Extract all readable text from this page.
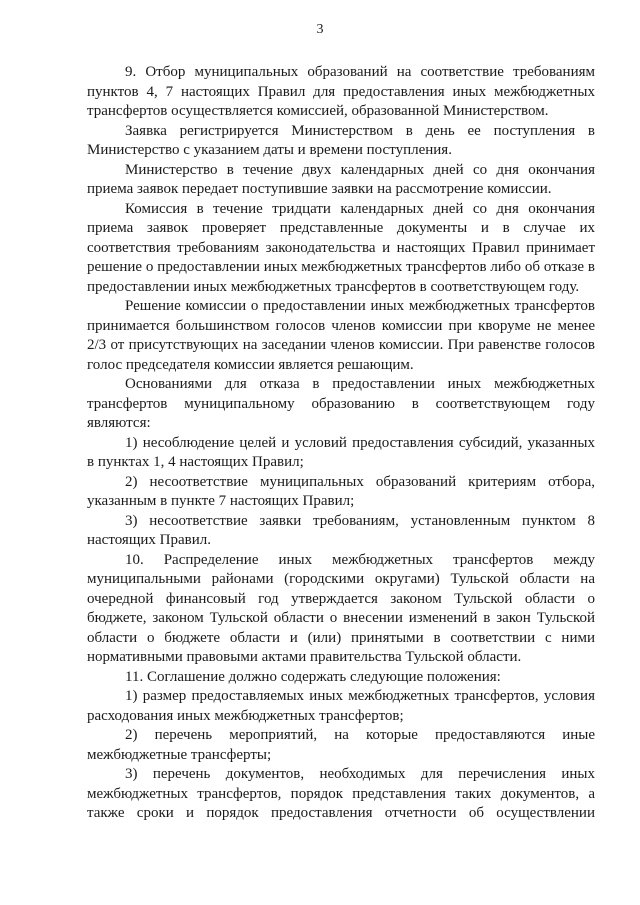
3

9. Отбор муниципальных образований на соответствие требованиям пунктов 4, 7 настоящих Правил для предоставления иных межбюджетных трансфертов осуществляется комиссией, образованной Министерством.

Заявка регистрируется Министерством в день ее поступления в Министерство с указанием даты и времени поступления.

Министерство в течение двух календарных дней со дня окончания приема заявок передает поступившие заявки на рассмотрение комиссии.

Комиссия в течение тридцати календарных дней со дня окончания приема заявок проверяет представленные документы и в случае их соответствия требованиям законодательства и настоящих Правил принимает решение о предоставлении иных межбюджетных трансфертов либо об отказе в предоставлении иных межбюджетных трансфертов в соответствующем году.

Решение комиссии о предоставлении иных межбюджетных трансфертов принимается большинством голосов членов комиссии при кворуме не менее 2/3 от присутствующих на заседании членов комиссии. При равенстве голосов голос председателя комиссии является решающим.

Основаниями для отказа в предоставлении иных межбюджетных трансфертов муниципальному образованию в соответствующем году являются:

1) несоблюдение целей и условий предоставления субсидий, указанных в пунктах 1, 4 настоящих Правил;

2) несоответствие муниципальных образований критериям отбора, указанным в пункте 7 настоящих Правил;

3) несоответствие заявки требованиям, установленным пунктом 8 настоящих Правил.

10. Распределение иных межбюджетных трансфертов между муниципальными районами (городскими округами) Тульской области на очередной финансовый год утверждается законом Тульской области о бюджете, законом Тульской области о внесении изменений в закон Тульской области о бюджете области и (или) принятыми в соответствии с ними нормативными правовыми актами правительства Тульской области.

11. Соглашение должно содержать следующие положения:

1) размер предоставляемых иных межбюджетных трансфертов, условия расходования иных межбюджетных трансфертов;

2) перечень мероприятий, на которые предоставляются иные межбюджетные трансферты;

3) перечень документов, необходимых для перечисления иных межбюджетных трансфертов, порядок представления таких документов, а также сроки и порядок предоставления отчетности об осуществлении
